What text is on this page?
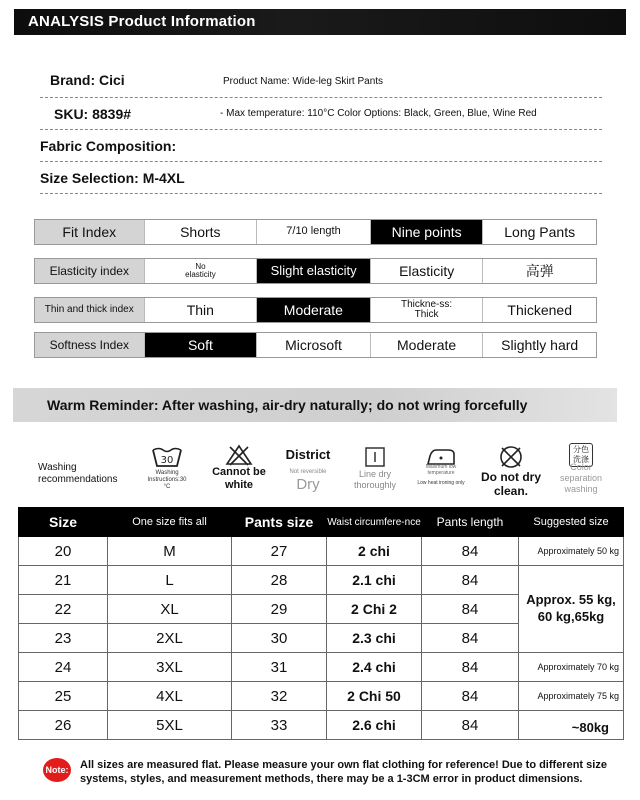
ANALYSIS Product Information
Brand: Cici	Product Name: Wide-leg Skirt Pants
SKU: 8839#	- Max temperature: 110°C Color Options: Black, Green, Blue, Wine Red
Fabric Composition:
Size Selection: M-4XL
Fit Index	Shorts	7/10 length	Nine points	Long Pants
Elasticity index	No elasticity	Slight elasticity	Elasticity	高弹
Thin and thick index	Thin	Moderate	Thickne-ss: Thick	Thickened
Softness Index	Soft	Microsoft	Moderate	Slightly hard
Warm Reminder: After washing, air-dry naturally; do not wring forcefully
Washing recommendations
30
Washing Instructions:30 °C
Cannot be white
District
Not reversible
Dry
Line dry thoroughly
Maximum low temperature
Low heat ironing only	Do not dry clean.
分色洗涤
Color separation washing
Size	One size fits all	Pants size	Waist circumfere-nce	Pants length	Suggested size
20	M	27	2 chi	84	Approximately 50 kg
21	L	28	2.1 chi	84	Approx. 55 kg, 60 kg,65kg
22	XL	29	2 Chi 2	84	
23	2XL	30	2.3 chi	84	
24	3XL	31	2.4 chi	84	Approximately 70 kg
25	4XL	32	2 Chi 50	84	Approximately 75 kg
26	5XL	33	2.6 chi	84	~80kg
Note: All sizes are measured flat. Please measure your own flat clothing for reference! Due to different size systems, styles, and measurement methods, there may be a 1-3CM error in product dimensions.
